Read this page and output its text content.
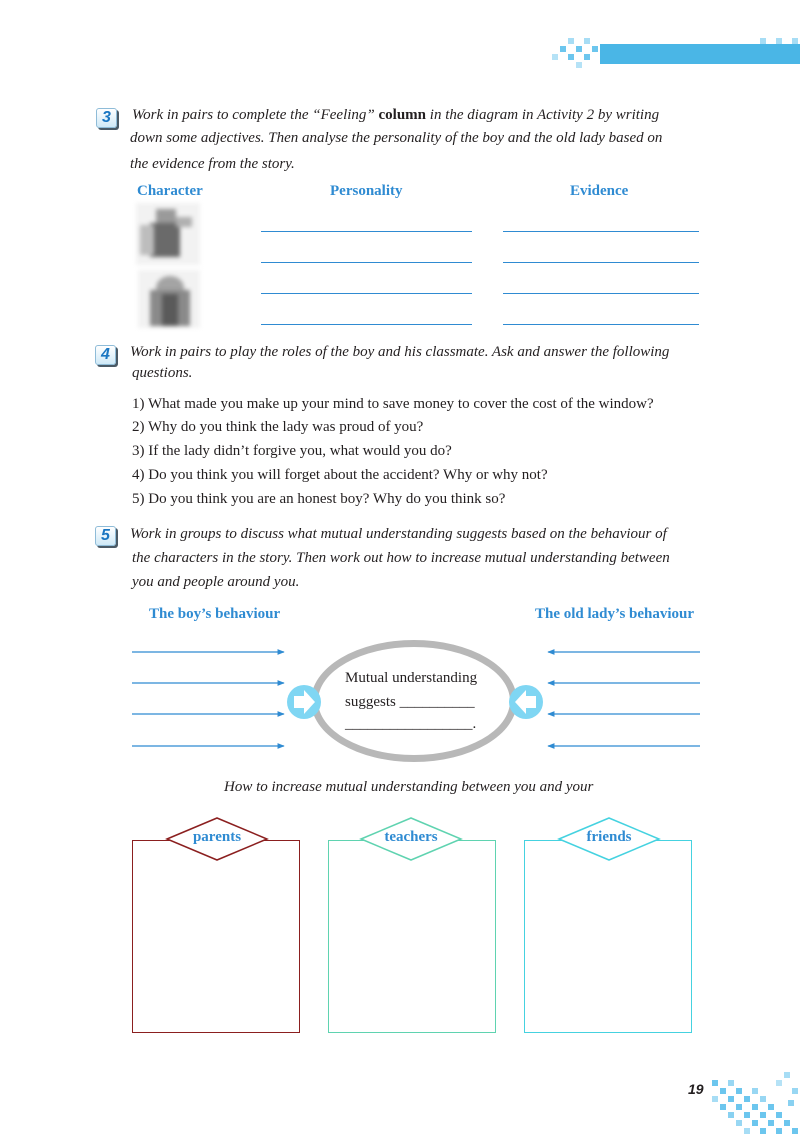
Unit 2 Honesty and Care
3	Work in pairs to complete the “Feeling” column in the diagram in Activity 2 by writing
down some adjectives. Then analyse the personality of the boy and the old lady based on
the evidence from the story.
Character	Personality	Evidence
4	Work in pairs to play the roles of the boy and his classmate. Ask and answer the following
questions.
1) What made you make up your mind to save money to cover the cost of the window?
2) Why do you think the lady was proud of you?
3) If the lady didn’t forgive you, what would you do?
4) Do you think you will forget about the accident? Why or why not?
5) Do you think you are an honest boy? Why do you think so?
5	Work in groups to discuss what mutual understanding suggests based on the behaviour of
the characters in the story. Then work out how to increase mutual understanding between
you and people around you.
The boy’s behaviour	The old lady’s behaviour
Mutual understanding
suggests __________
_________________.
How to increase mutual understanding between you and your
parents	teachers	friends
19
